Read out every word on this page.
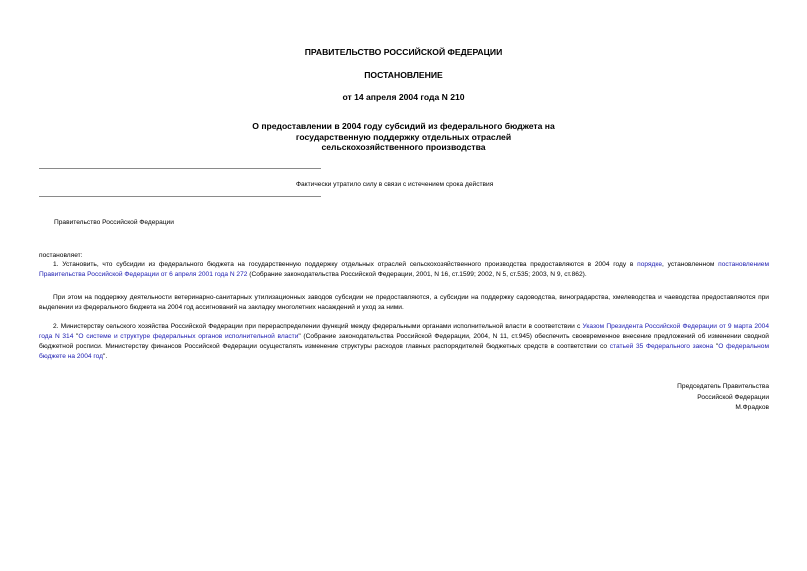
ПРАВИТЕЛЬСТВО РОССИЙСКОЙ ФЕДЕРАЦИИ
ПОСТАНОВЛЕНИЕ
от 14 апреля 2004 года N 210
О предоставлении в 2004 году субсидий из федерального бюджета на
государственную поддержку отдельных отраслей
сельскохозяйственного производства
Фактически утратило силу в связи с истечением срока действия
Правительство Российской Федерации
постановляет:
1. Установить, что субсидии из федерального бюджета на государственную поддержку отдельных отраслей сельскохозяйственного производства предоставляются в 2004 году в порядке, установленном постановлением Правительства Российской Федерации от 6 апреля 2001 года N 272 (Собрание законодательства Российской Федерации, 2001, N 16, ст.1599; 2002, N 5, ст.535; 2003, N 9, ст.862).
При этом на поддержку деятельности ветеринарно-санитарных утилизационных заводов субсидии не предоставляются, а субсидии на поддержку садоводства, виноградарства, хмелеводства и чаеводства предоставляются при выделении из федерального бюджета на 2004 год ассигнований на закладку многолетних насаждений и уход за ними.
2. Министерству сельского хозяйства Российской Федерации при перераспределении функций между федеральными органами исполнительной власти в соответствии с Указом Президента Российской Федерации от 9 марта 2004 года N 314 "О системе и структуре федеральных органов исполнительной власти" (Собрание законодательства Российской Федерации, 2004, N 11, ст.945) обеспечить своевременное внесение предложений об изменении сводной бюджетной росписи. Министерству финансов Российской Федерации осуществлять изменение структуры расходов главных распорядителей бюджетных средств в соответствии со статьей 35 Федерального закона "О федеральном бюджете на 2004 год".
Председатель Правительства
Российской Федерации
М.Фрадков
